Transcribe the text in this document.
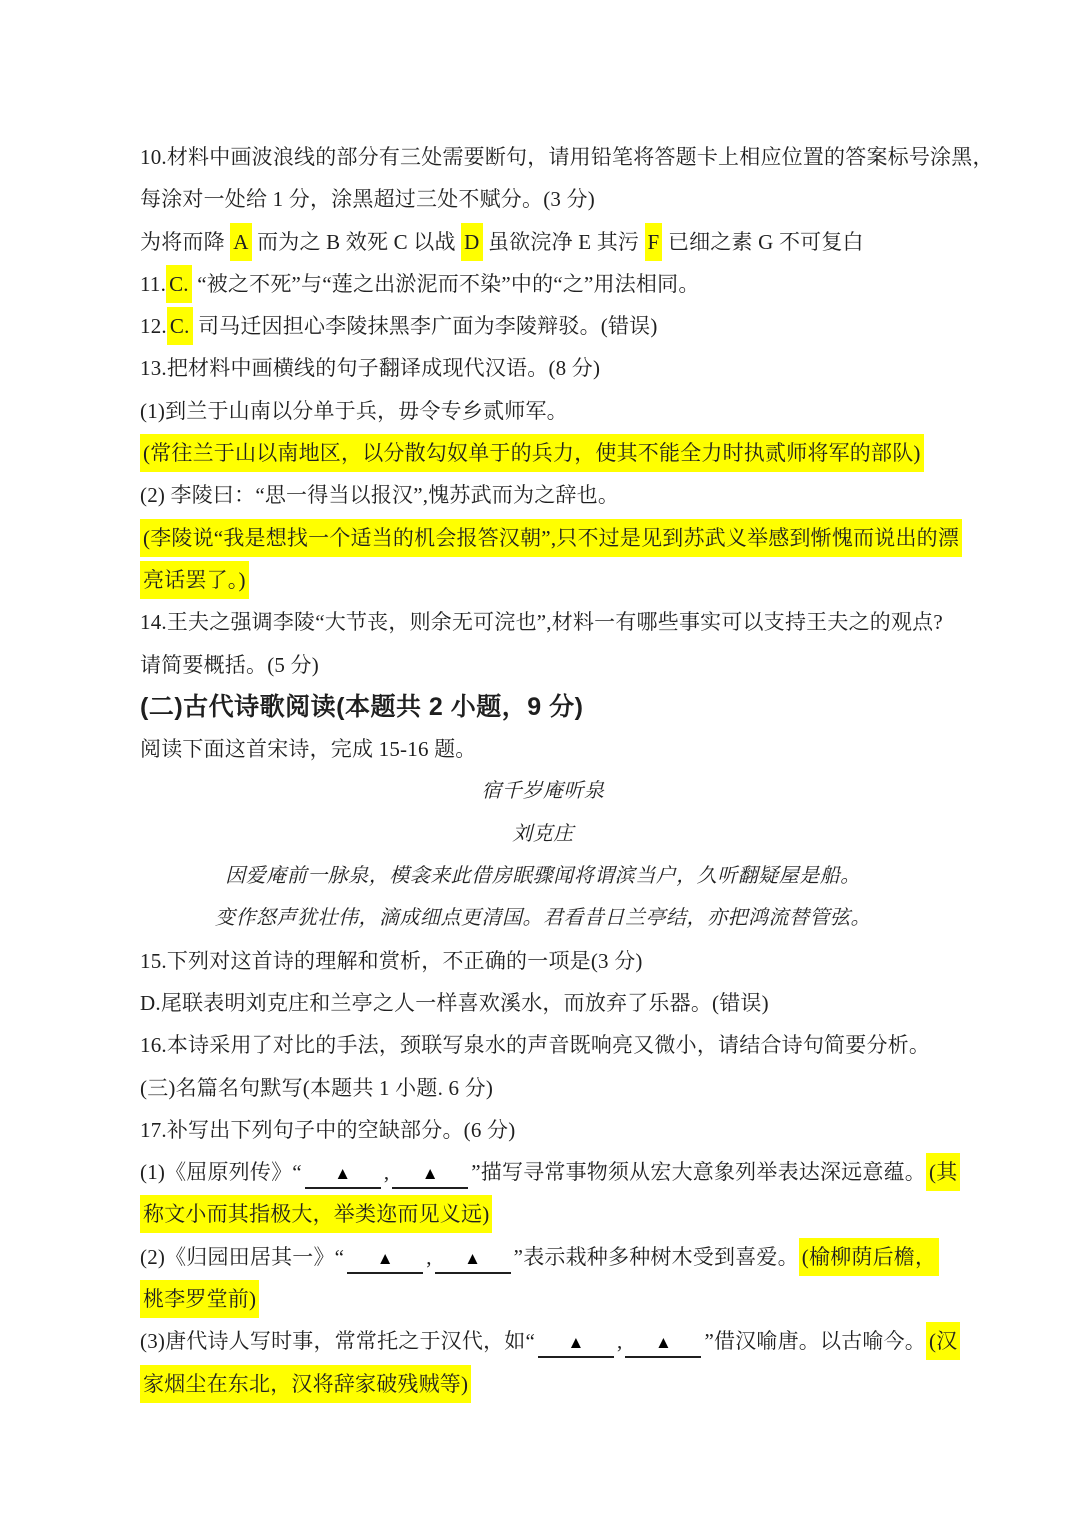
10.材料中画波浪线的部分有三处需要断句，请用铅笔将答题卡上相应位置的答案标号涂黑，
每涂对一处给 1 分，涂黑超过三处不赋分。(3 分)
为将而降 A 而为之 B 效死 C 以战 D 虽欲浣净 E 其污 F 已细之素 G 不可复白
11. C. “被之不死”与“莲之出淤泥而不染”中的“之”用法相同。
12. C. 司马迁因担心李陵抹黑李广面为李陵辩驳。(错误)
13.把材料中画横线的句子翻译成现代汉语。(8 分)
(1)到兰于山南以分单于兵，毋令专乡贰师军。
(常往兰于山以南地区，以分散勾奴单于的兵力，使其不能全力时执贰师将军的部队)
(2) 李陵曰：“思一得当以报汉”,愧苏武而为之辞也。
(李陵说“我是想找一个适当的机会报答汉朝”,只不过是见到苏武义举感到惭愧而说出的漂
亮话罢了。)
14.王夫之强调李陵“大节丧，则余无可浣也”,材料一有哪些事实可以支持王夫之的观点?
请简要概括。(5 分)
(二)古代诗歌阅读(本题共 2 小题，9 分)
阅读下面这首宋诗，完成 15-16 题。
宿千岁庵听泉
刘克庄
因爱庵前一脉泉，模衾来此借房眠骤闻将谓滨当户，久听翻疑屋是船。
变作怒声犹壮伟，滴成细点更清国。君看昔日兰亭结，亦把鸿流替管弦。
15.下列对这首诗的理解和赏析，不正确的一项是(3 分)
D.尾联表明刘克庄和兰亭之人一样喜欢溪水，而放弃了乐器。(错误)
16.本诗采用了对比的手法，颈联写泉水的声音既响亮又微小，请结合诗句简要分析。
(三)名篇名句默写(本题共 1 小题. 6 分)
17.补写出下列句子中的空缺部分。(6 分)
(1)《屈原列传》“ ▲ , ▲ ”描写寻常事物须从宏大意象列举表达深远意蕴。 (其
称文小而其指极大，举类迩而见义远)
(2)《归园田居其一》“ ▲ , ▲ ”表示栽种多种树木受到喜爱。 (榆柳荫后檐，
桃李罗堂前)
(3)唐代诗人写时事，常常托之于汉代，如“ ▲ , ▲ ”借汉喻唐。以古喻今。 (汉
家烟尘在东北，汉将辞家破残贼等)
